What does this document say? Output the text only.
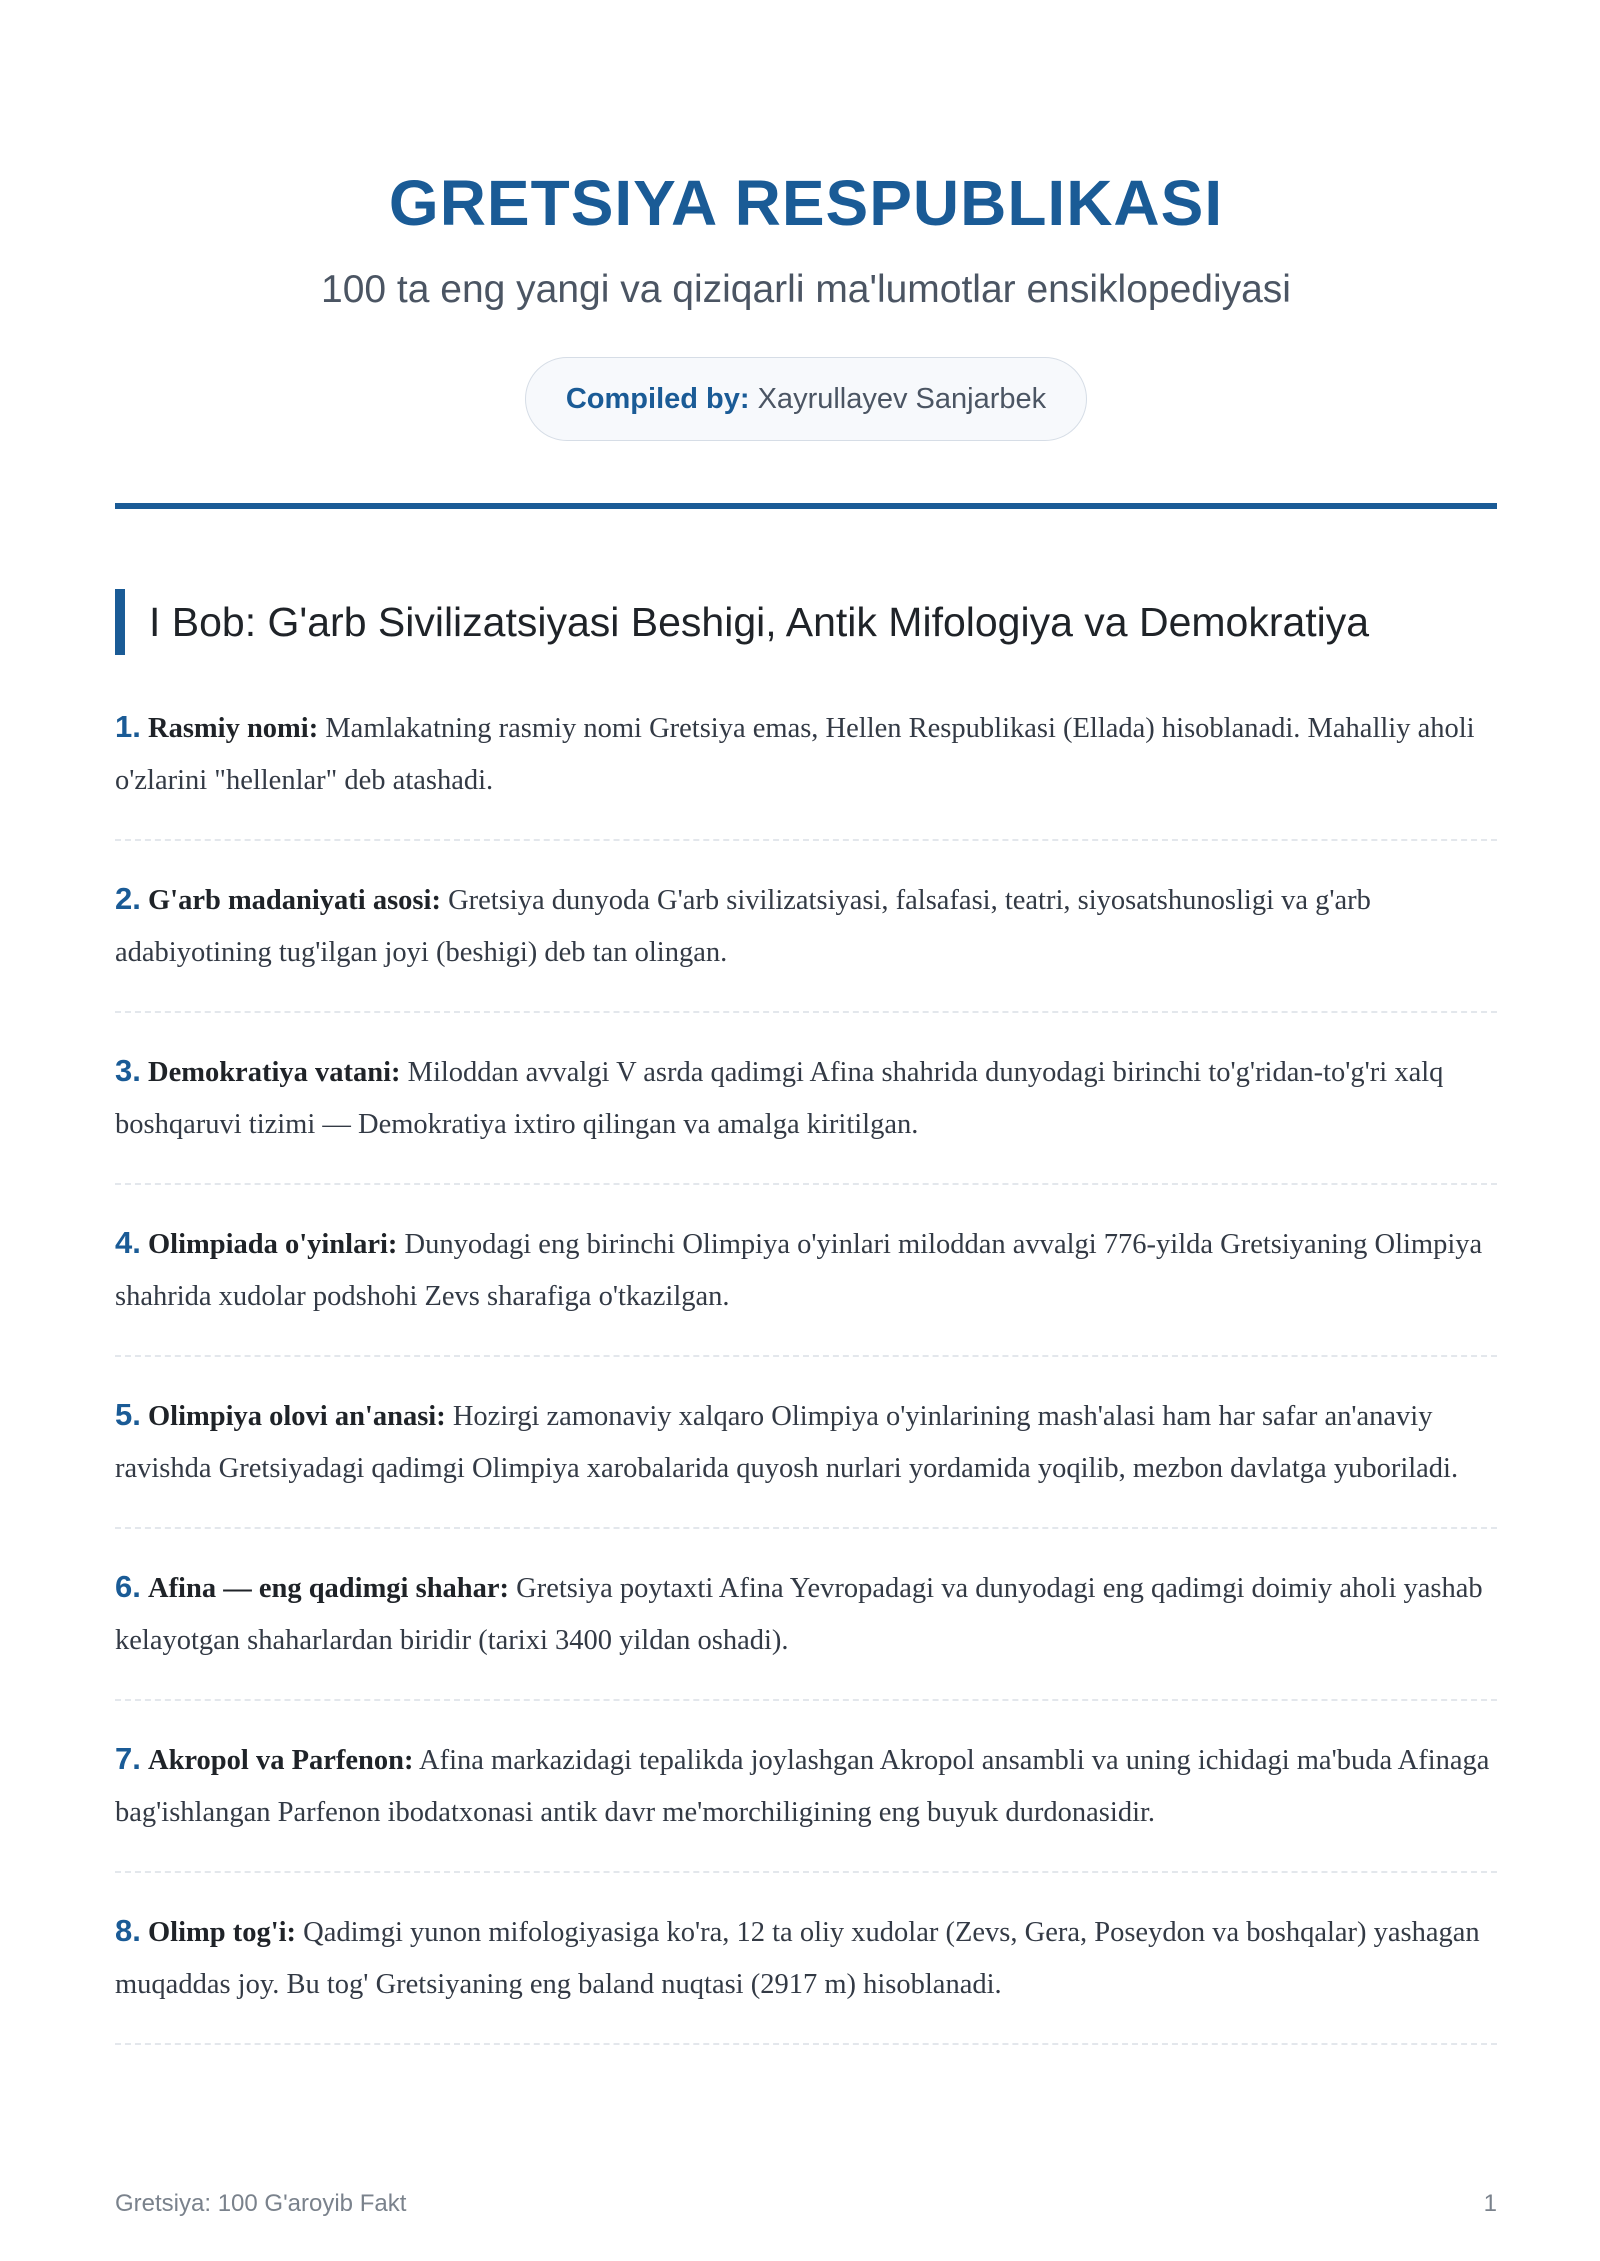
GRETSIYA RESPUBLIKASI

100 ta eng yangi va qiziqarli ma'lumotlar ensiklopediyasi

Compiled by: Xayrullayev Sanjarbek
I Bob: G'arb Sivilizatsiyasi Beshigi, Antik Mifologiya va Demokratiya
1. Rasmiy nomi: Mamlakatning rasmiy nomi Gretsiya emas, Hellen Respublikasi (Ellada) hisoblanadi. Mahalliy aholi o'zlarini "hellenlar" deb atashadi.
2. G'arb madaniyati asosi: Gretsiya dunyoda G'arb sivilizatsiyasi, falsafasi, teatri, siyosatshunosligi va g'arb adabiyotining tug'ilgan joyi (beshigi) deb tan olingan.
3. Demokratiya vatani: Miloddan avvalgi V asrda qadimgi Afina shahrida dunyodagi birinchi to'g'ridan-to'g'ri xalq boshqaruvi tizimi — Demokratiya ixtiro qilingan va amalga kiritilgan.
4. Olimpiada o'yinlari: Dunyodagi eng birinchi Olimpiya o'yinlari miloddan avvalgi 776-yilda Gretsiyaning Olimpiya shahrida xudolar podshohi Zevs sharafiga o'tkazilgan.
5. Olimpiya olovi an'anasi: Hozirgi zamonaviy xalqaro Olimpiya o'yinlarining mash'alasi ham har safar an'anaviy ravishda Gretsiyadagi qadimgi Olimpiya xarobalarida quyosh nurlari yordamida yoqilib, mezbon davlatga yuboriladi.
6. Afina — eng qadimgi shahar: Gretsiya poytaxti Afina Yevropadagi va dunyodagi eng qadimgi doimiy aholi yashab kelayotgan shaharlardan biridir (tarixi 3400 yildan oshadi).
7. Akropol va Parfenon: Afina markazidagi tepalikda joylashgan Akropol ansambli va uning ichidagi ma'buda Afinaga bag'ishlangan Parfenon ibodatxonasi antik davr me'morchiligining eng buyuk durdonasidir.
8. Olimp tog'i: Qadimgi yunon mifologiyasiga ko'ra, 12 ta oliy xudolar (Zevs, Gera, Poseydon va boshqalar) yashagan muqaddas joy. Bu tog' Gretsiyaning eng baland nuqtasi (2917 m) hisoblanadi.
Gretsiya: 100 G'aroyib Fakt	1
